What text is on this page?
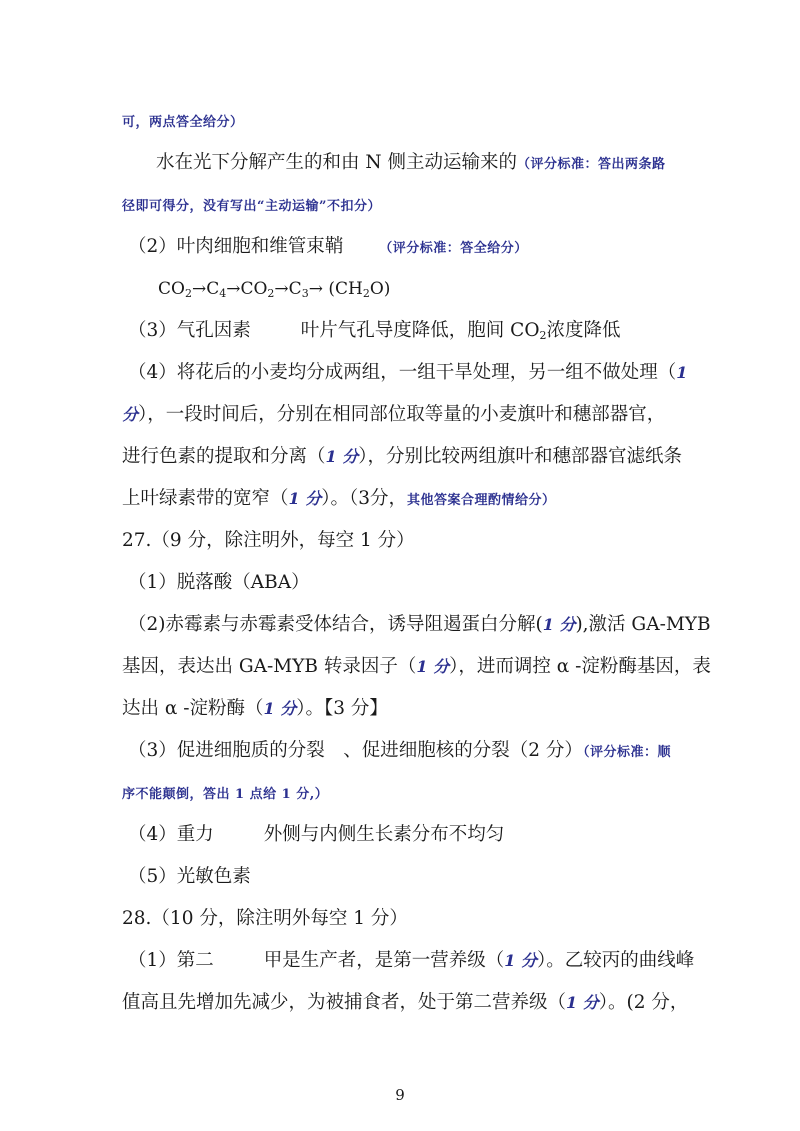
可，两点答全给分）
水在光下分解产生的和由 N 侧主动运输来的（评分标准：答出两条路
径即可得分，没有写出“主动运输”不扣分）
（2）叶肉细胞和维管束鞘	（评分标准：答全给分）
$CO_2\to C_4\to CO_2\to C_3\to (CH_2O)$
（3）气孔因素	叶片气孔导度降低，胞间 $CO_2$浓度降低
（4）将花后的小麦均分成两组，一组干旱处理，另一组不做处理（1
分），一段时间后，分别在相同部位取等量的小麦旗叶和穗部器官，
进行色素的提取和分离（1 分），分别比较两组旗叶和穗部器官滤纸条
上叶绿素带的宽窄（1 分）。（3分，其他答案合理酌情给分）
27.（9 分，除注明外，每空 1 分）
（1）脱落酸（ABA）
（2)赤霉素与赤霉素受体结合，诱导阻遏蛋白分解(1 分),激活 GA-MYB
基因，表达出 GA-MYB 转录因子（1 分），进而调控 α -淀粉酶基因，表
达出 α -淀粉酶（1 分）。【3 分】
（3）促进细胞质的分裂　、促进细胞核的分裂（2 分）（评分标准：顺
序不能颠倒，答出 1 点给 1 分,）
（4）重力	外侧与内侧生长素分布不均匀
（5）光敏色素
28.（10 分，除注明外每空 1 分）
（1）第二	甲是生产者，是第一营养级（1 分）。乙较丙的曲线峰
值高且先增加先减少，为被捕食者，处于第二营养级（1 分）。(2 分，
9
